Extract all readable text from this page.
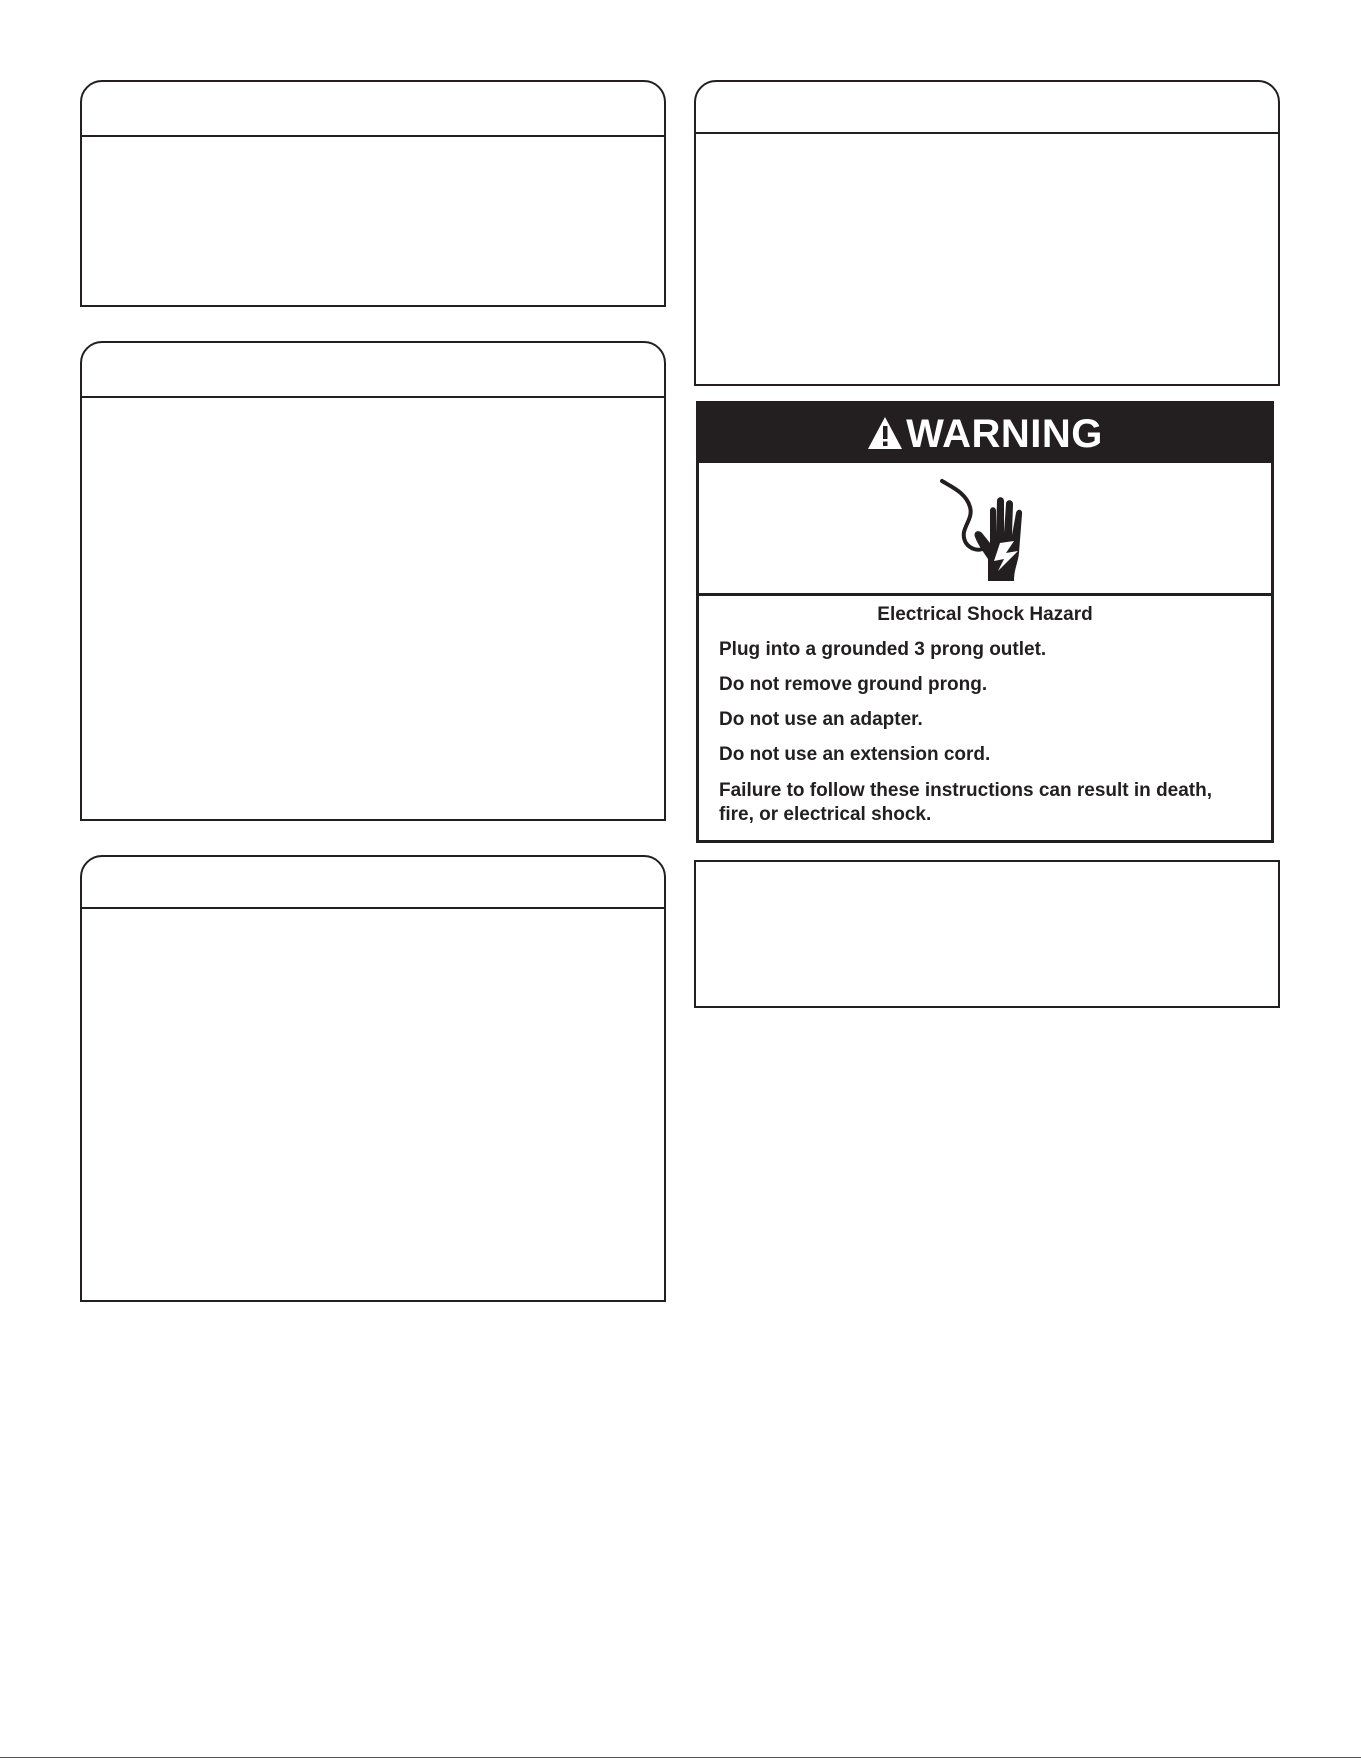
WARNING

Electrical Shock Hazard

Plug into a grounded 3 prong outlet.

Do not remove ground prong.

Do not use an adapter.

Do not use an extension cord.

Failure to follow these instructions can result in death, fire, or electrical shock.
